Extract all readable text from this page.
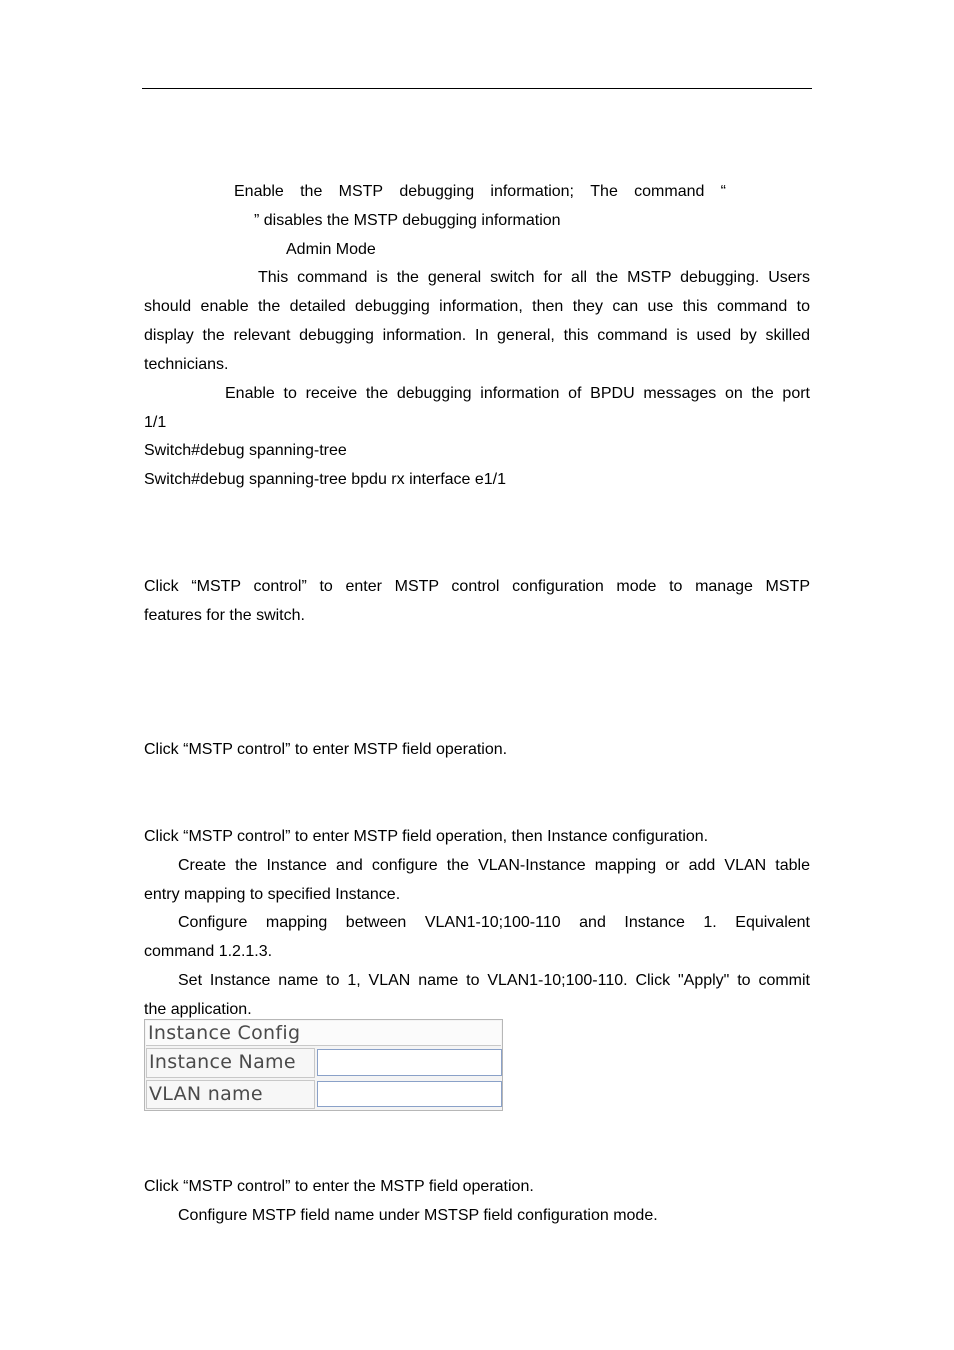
Enable the MSTP debugging information; The command “
” disables the MSTP debugging information
Admin Mode
This command is the general switch for all the MSTP debugging. Users
should enable the detailed debugging information, then they can use this command to
display the relevant debugging information. In general, this command is used by skilled
technicians.
Enable to receive the debugging information of BPDU messages on the port
1/1
Switch#debug spanning-tree
Switch#debug spanning-tree bpdu rx interface e1/1
Click “MSTP control” to enter MSTP control configuration mode to manage MSTP
features for the switch.
Click “MSTP control” to enter MSTP field operation.
Click “MSTP control” to enter MSTP field operation, then Instance configuration.
Create the Instance and configure the VLAN-Instance mapping or add VLAN table
entry mapping to specified Instance.
Configure mapping between VLAN1-10;100-110 and Instance 1. Equivalent
command 1.2.1.3.
Set Instance name to 1, VLAN name to VLAN1-10;100-110. Click "Apply" to commit
the application.
Instance Config
Instance Name
VLAN name
Click “MSTP control” to enter the MSTP field operation.
Configure MSTP field name under MSTSP field configuration mode.
